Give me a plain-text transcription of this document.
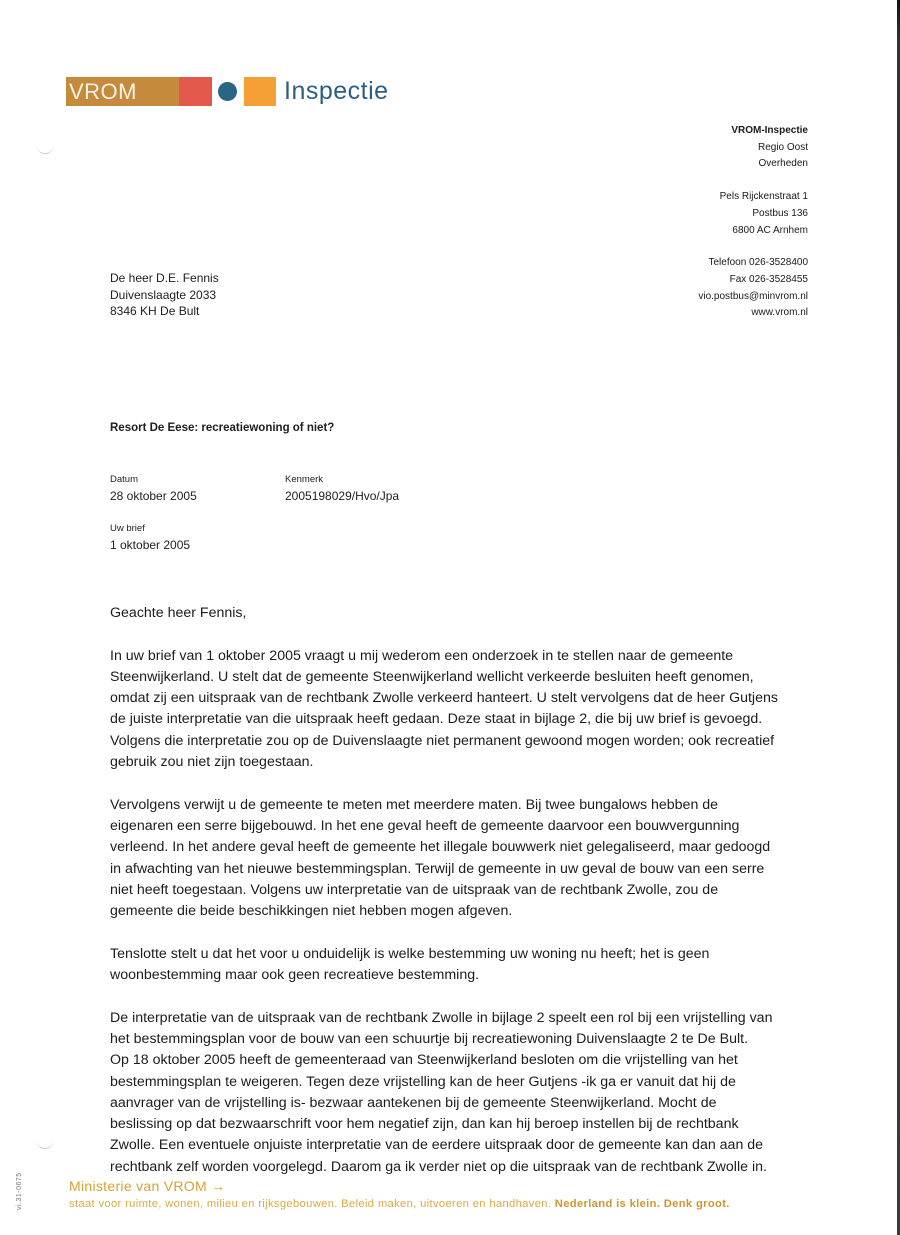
VROM	Inspectie
VROM-Inspectie
Regio Oost
Overheden
Pels Rijckenstraat 1
Postbus 136
6800 AC Arnhem
Telefoon 026-3528400
Fax 026-3528455
vio.postbus@minvrom.nl
www.vrom.nl
De heer D.E. Fennis
Duivenslaagte 2033
8346 KH De Bult
Resort De Eese: recreatiewoning of niet?
Datum
28 oktober 2005
Kenmerk
2005198029/Hvo/Jpa
Uw brief
1 oktober 2005

Geachte heer Fennis,

In uw brief van 1 oktober 2005 vraagt u mij wederom een onderzoek in te stellen naar de gemeente
Steenwijkerland. U stelt dat de gemeente Steenwijkerland wellicht verkeerde besluiten heeft genomen,
omdat zij een uitspraak van de rechtbank Zwolle verkeerd hanteert. U stelt vervolgens dat de heer Gutjens
de juiste interpretatie van die uitspraak heeft gedaan. Deze staat in bijlage 2, die bij uw brief is gevoegd.
Volgens die interpretatie zou op de Duivenslaagte niet permanent gewoond mogen worden; ook recreatief
gebruik zou niet zijn toegestaan.

Vervolgens verwijt u de gemeente te meten met meerdere maten. Bij twee bungalows hebben de
eigenaren een serre bijgebouwd. In het ene geval heeft de gemeente daarvoor een bouwvergunning
verleend. In het andere geval heeft de gemeente het illegale bouwwerk niet gelegaliseerd, maar gedoogd
in afwachting van het nieuwe bestemmingsplan. Terwijl de gemeente in uw geval de bouw van een serre
niet heeft toegestaan. Volgens uw interpretatie van de uitspraak van de rechtbank Zwolle, zou de
gemeente die beide beschikkingen niet hebben mogen afgeven.

Tenslotte stelt u dat het voor u onduidelijk is welke bestemming uw woning nu heeft; het is geen
woonbestemming maar ook geen recreatieve bestemming.

De interpretatie van de uitspraak van de rechtbank Zwolle in bijlage 2 speelt een rol bij een vrijstelling van
het bestemmingsplan voor de bouw van een schuurtje bij recreatiewoning Duivenslaagte 2 te De Bult.
Op 18 oktober 2005 heeft de gemeenteraad van Steenwijkerland besloten om die vrijstelling van het
bestemmingsplan te weigeren. Tegen deze vrijstelling kan de heer Gutjens -ik ga er vanuit dat hij de
aanvrager van de vrijstelling is- bezwaar aantekenen bij de gemeente Steenwijkerland. Mocht de
beslissing op dat bezwaarschrift voor hem negatief zijn, dan kan hij beroep instellen bij de rechtbank
Zwolle. Een eventuele onjuiste interpretatie van de eerdere uitspraak door de gemeente kan dan aan de
rechtbank zelf worden voorgelegd. Daarom ga ik verder niet op die uitspraak van de rechtbank Zwolle in.

vi.31-0675	Ministerie van VROM →
staat voor ruimte, wonen, milieu en rijksgebouwen. Beleid maken, uitvoeren en handhaven. Nederland is klein. Denk groot.
